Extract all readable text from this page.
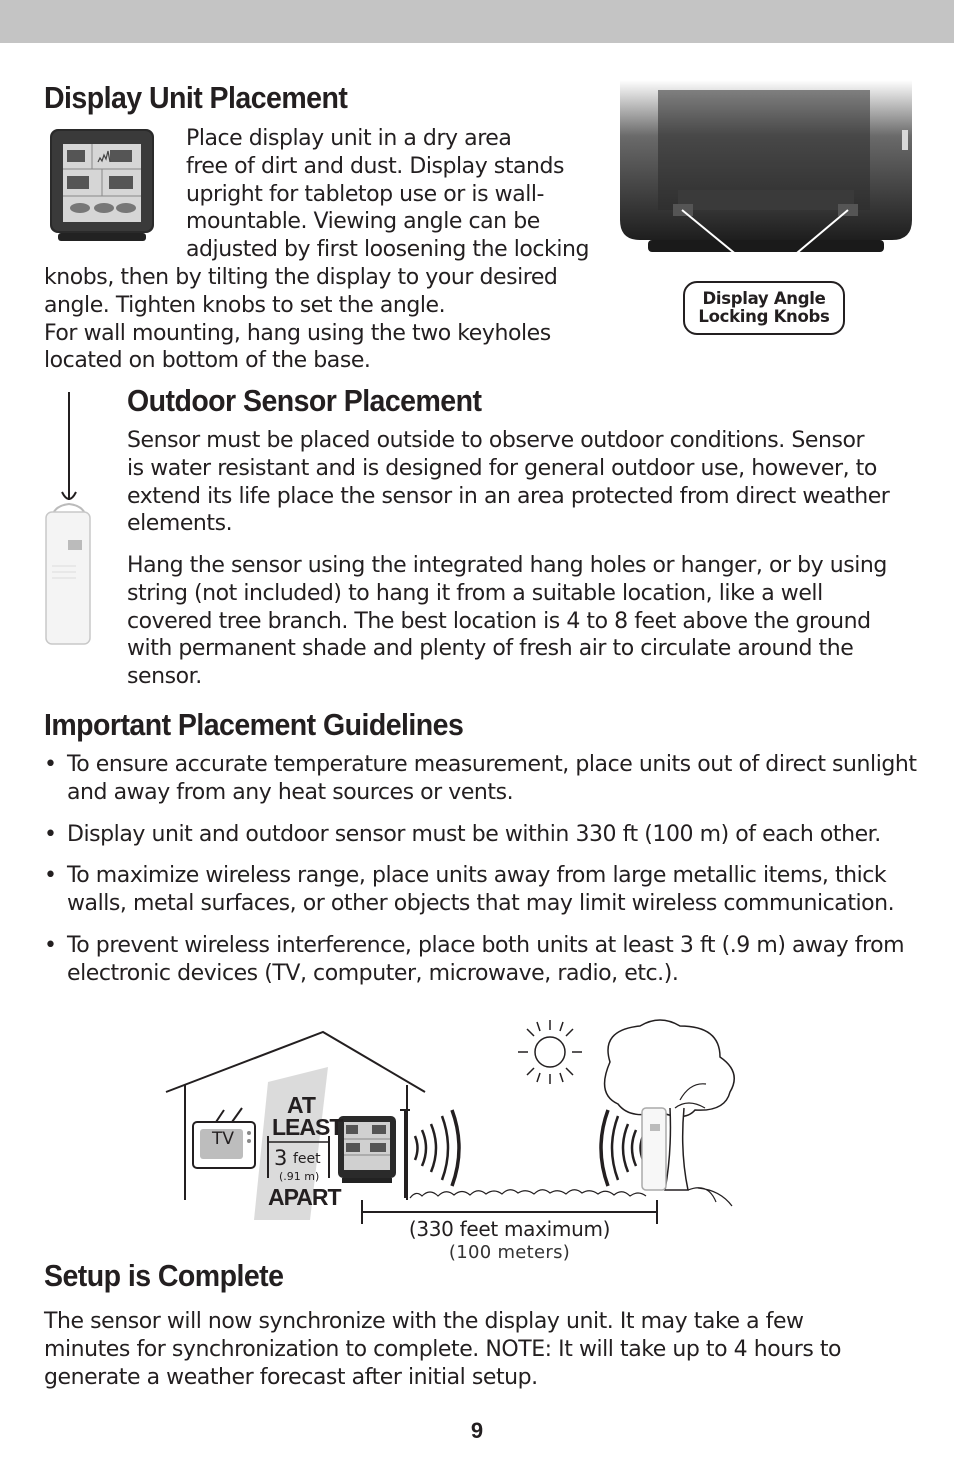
Display Unit Placement
Place display unit in a dry area
free of dirt and dust. Display stands
upright for tabletop use or is wall-
mountable. Viewing angle can be
adjusted by first loosening the locking
knobs, then by tilting the display to your desired
angle. Tighten knobs to set the angle.
For wall mounting, hang using the two keyholes
located on bottom of the base.
Display Angle
Locking Knobs
Outdoor Sensor Placement
Sensor must be placed outside to observe outdoor conditions. Sensor
is water resistant and is designed for general outdoor use, however, to
extend its life place the sensor in an area protected from direct weather
elements.
Hang the sensor using the integrated hang holes or hanger, or by using
string (not included) to hang it from a suitable location, like a well
covered tree branch. The best location is 4 to 8 feet above the ground
with permanent shade and plenty of fresh air to circulate around the
sensor.
Important Placement Guidelines
• To ensure accurate temperature measurement, place units out of direct sunlight and away from any heat sources or vents.
• Display unit and outdoor sensor must be within 330 ft (100 m) of each other.
• To maximize wireless range, place units away from large metallic items, thick walls, metal surfaces, or other objects that may limit wireless communication.
• To prevent wireless interference, place both units at least 3 ft (.9 m) away from electronic devices (TV, computer, microwave, radio, etc.).
TV
AT
LEAST
3 feet
(.91 m)
APART
(330 feet maximum)
(100 meters)
Setup is Complete
The sensor will now synchronize with the display unit. It may take a few
minutes for synchronization to complete. NOTE: It will take up to 4 hours to
generate a weather forecast after initial setup.
9
